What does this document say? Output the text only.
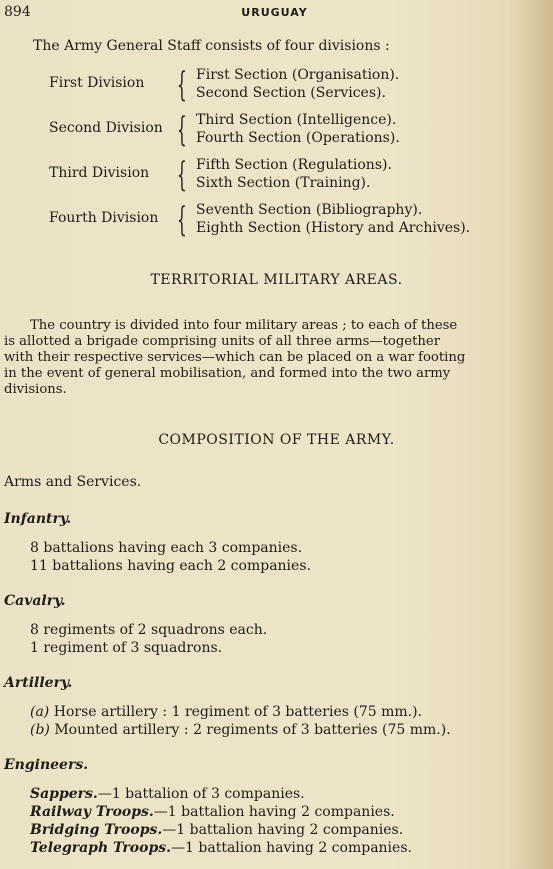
894	URUGUAY
The Army General Staff consists of four divisions :
First Division { First Section (Organisation).
Second Section (Services).
Second Division { Third Section (Intelligence).
Fourth Section (Operations).
Third Division { Fifth Section (Regulations).
Sixth Section (Training).
Fourth Division { Seventh Section (Bibliography).
Eighth Section (History and Archives).
TERRITORIAL MILITARY AREAS.
The country is divided into four military areas ; to each of these
is allotted a brigade comprising units of all three arms—together
with their respective services—which can be placed on a war footing
in the event of general mobilisation, and formed into the two army
divisions.
COMPOSITION OF THE ARMY.
Arms and Services.
Infantry.
8 battalions having each 3 companies.
11 battalions having each 2 companies.
Cavalry.
8 regiments of 2 squadrons each.
1 regiment of 3 squadrons.
Artillery.
(a) Horse artillery : 1 regiment of 3 batteries (75 mm.).
(b) Mounted artillery : 2 regiments of 3 batteries (75 mm.).
Engineers.
Sappers.—1 battalion of 3 companies.
Railway Troops.—1 battalion having 2 companies.
Bridging Troops.—1 battalion having 2 companies.
Telegraph Troops.—1 battalion having 2 companies.
